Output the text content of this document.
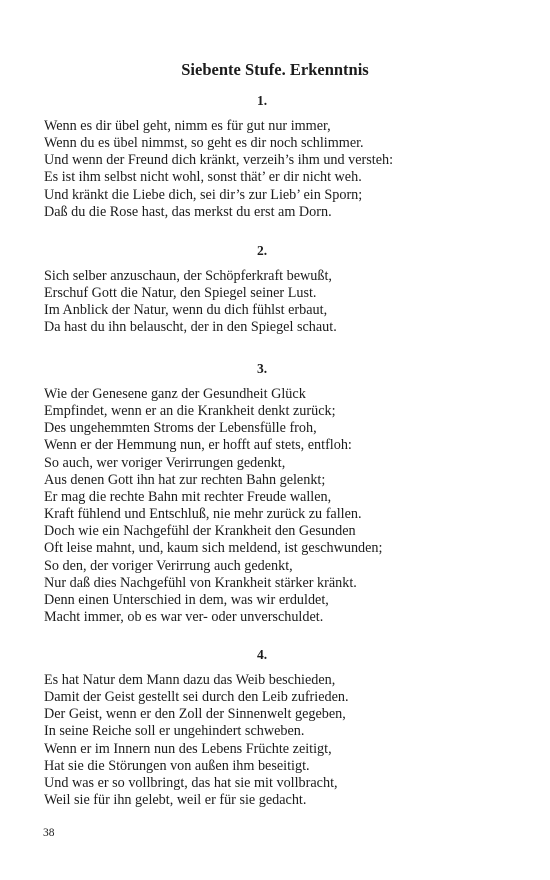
Siebente Stufe. Erkenntnis
1.
Wenn es dir übel geht, nimm es für gut nur immer,
Wenn du es übel nimmst, so geht es dir noch schlimmer.
Und wenn der Freund dich kränkt, verzeih’s ihm und versteh:
Es ist ihm selbst nicht wohl, sonst thät’ er dir nicht weh.
Und kränkt die Liebe dich, sei dir’s zur Lieb’ ein Sporn;
Daß du die Rose hast, das merkst du erst am Dorn.
2.
Sich selber anzuschaun, der Schöpferkraft bewußt,
Erschuf Gott die Natur, den Spiegel seiner Lust.
Im Anblick der Natur, wenn du dich fühlst erbaut,
Da hast du ihn belauscht, der in den Spiegel schaut.
3.
Wie der Genesene ganz der Gesundheit Glück
Empfindet, wenn er an die Krankheit denkt zurück;
Des ungehemmten Stroms der Lebensfülle froh,
Wenn er der Hemmung nun, er hofft auf stets, entfloh:
So auch, wer voriger Verirrungen gedenkt,
Aus denen Gott ihn hat zur rechten Bahn gelenkt;
Er mag die rechte Bahn mit rechter Freude wallen,
Kraft fühlend und Entschluß, nie mehr zurück zu fallen.
Doch wie ein Nachgefühl der Krankheit den Gesunden
Oft leise mahnt, und, kaum sich meldend, ist geschwunden;
So den, der voriger Verirrung auch gedenkt,
Nur daß dies Nachgefühl von Krankheit stärker kränkt.
Denn einen Unterschied in dem, was wir erduldet,
Macht immer, ob es war ver- oder unverschuldet.
4.
Es hat Natur dem Mann dazu das Weib beschieden,
Damit der Geist gestellt sei durch den Leib zufrieden.
Der Geist, wenn er den Zoll der Sinnenwelt gegeben,
In seine Reiche soll er ungehindert schweben.
Wenn er im Innern nun des Lebens Früchte zeitigt,
Hat sie die Störungen von außen ihm beseitigt.
Und was er so vollbringt, das hat sie mit vollbracht,
Weil sie für ihn gelebt, weil er für sie gedacht.
38
